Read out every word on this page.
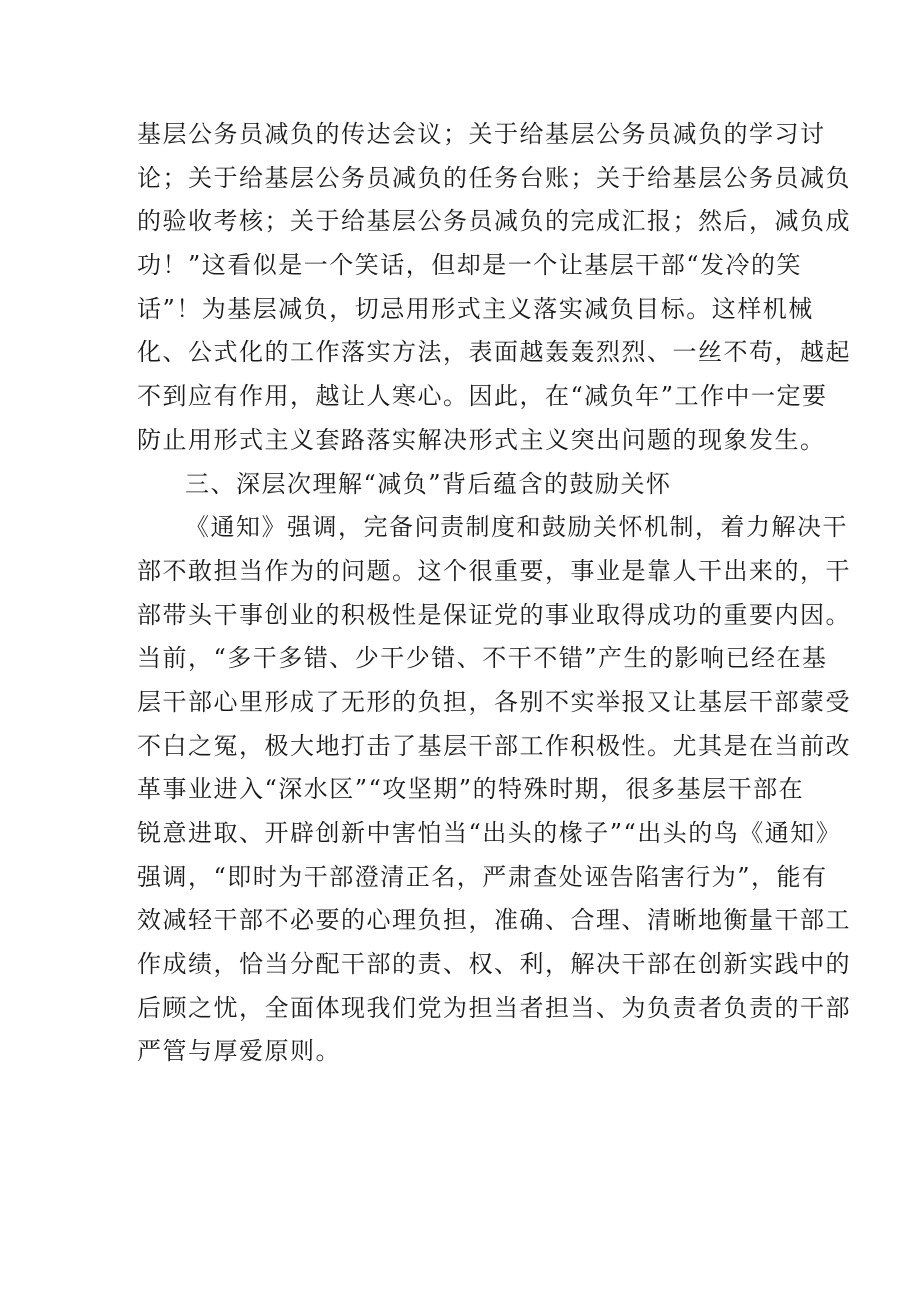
基层公务员减负的传达会议；关于给基层公务员减负的学习讨
论；关于给基层公务员减负的任务台账；关于给基层公务员减负
的验收考核；关于给基层公务员减负的完成汇报；然后，减负成
功！”这看似是一个笑话，但却是一个让基层干部“发冷的笑
话”！为基层减负，切忌用形式主义落实减负目标。这样机械
化、公式化的工作落实方法，表面越轰轰烈烈、一丝不苟，越起
不到应有作用，越让人寒心。因此，在“减负年”工作中一定要
防止用形式主义套路落实解决形式主义突出问题的现象发生。
三、深层次理解“减负”背后蕴含的鼓励关怀
《通知》强调，完备问责制度和鼓励关怀机制，着力解决干
部不敢担当作为的问题。这个很重要，事业是靠人干出来的，干
部带头干事创业的积极性是保证党的事业取得成功的重要内因。
当前，“多干多错、少干少错、不干不错”产生的影响已经在基
层干部心里形成了无形的负担，各别不实举报又让基层干部蒙受
不白之冤，极大地打击了基层干部工作积极性。尤其是在当前改
革事业进入“深水区”“攻坚期”的特殊时期，很多基层干部在
锐意进取、开辟创新中害怕当“出头的椽子”“出头的鸟《通知》
强调，“即时为干部澄清正名，严肃查处诬告陷害行为”，能有
效减轻干部不必要的心理负担，准确、合理、清晰地衡量干部工
作成绩，恰当分配干部的责、权、利，解决干部在创新实践中的
后顾之忧，全面体现我们党为担当者担当、为负责者负责的干部
严管与厚爱原则。
